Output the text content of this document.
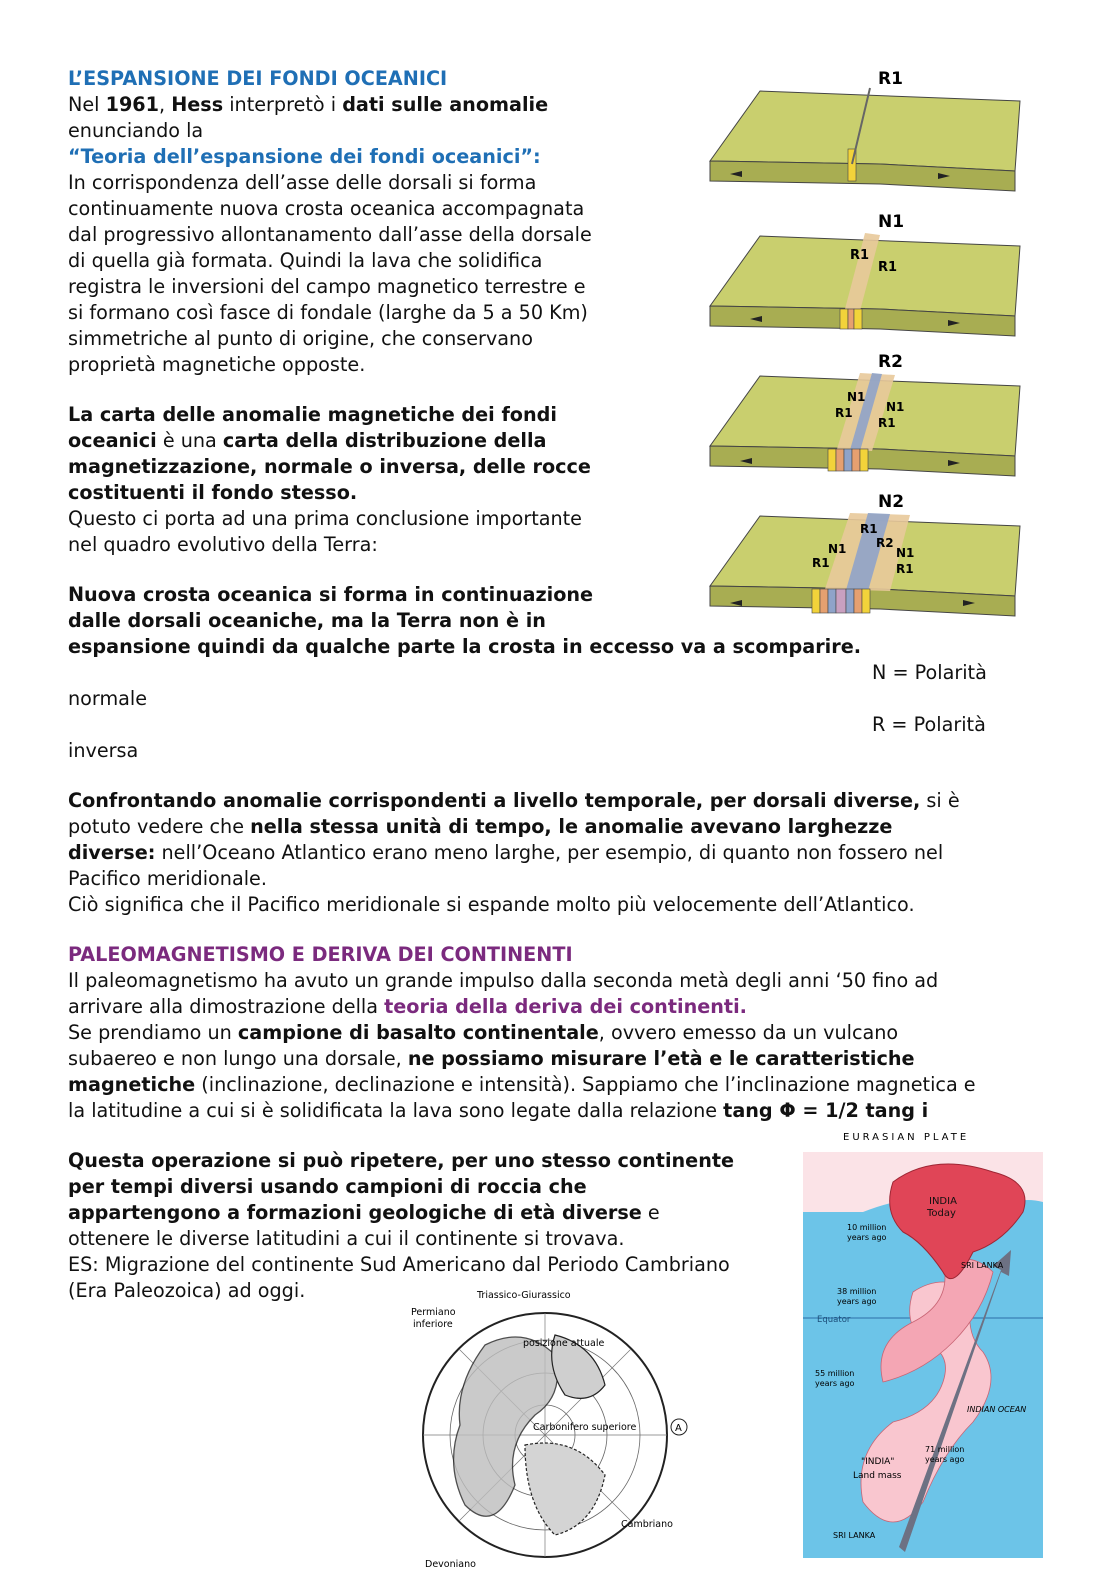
L’ESPANSIONE DEI FONDI OCEANICI
Nel 1961, Hess interpretò i dati sulle anomalie
enunciando la
“Teoria dell’espansione dei fondi oceanici”:
In corrispondenza dell’asse delle dorsali si forma
continuamente nuova crosta oceanica accompagnata
dal progressivo allontanamento dall’asse della dorsale
di quella già formata. Quindi la lava che solidifica
registra le inversioni del campo magnetico terrestre e
si formano così fasce di fondale (larghe da 5 a 50 Km)
simmetriche al punto di origine, che conservano
proprietà magnetiche opposte.
La carta delle anomalie magnetiche dei fondi
oceanici è una carta della distribuzione della
magnetizzazione, normale o inversa, delle rocce
costituenti il fondo stesso.
Questo ci porta ad una prima conclusione importante
nel quadro evolutivo della Terra:
Nuova crosta oceanica si forma in continuazione
dalle dorsali oceaniche, ma la Terra non è in
espansione quindi da qualche parte la crosta in eccesso va a scomparire.
N = Polarità
normale
R = Polarità
inversa
Confrontando anomalie corrispondenti a livello temporale, per dorsali diverse, si è
potuto vedere che nella stessa unità di tempo, le anomalie avevano larghezze
diverse: nell’Oceano Atlantico erano meno larghe, per esempio, di quanto non fossero nel
Pacifico meridionale.
Ciò significa che il Pacifico meridionale si espande molto più velocemente dell’Atlantico.
PALEOMAGNETISMO E DERIVA DEI CONTINENTI
Il paleomagnetismo ha avuto un grande impulso dalla seconda metà degli anni ‘50 fino ad
arrivare alla dimostrazione della teoria della deriva dei continenti.
Se prendiamo un campione di basalto continentale, ovvero emesso da un vulcano
subaereo e non lungo una dorsale, ne possiamo misurare l’età e le caratteristiche
magnetiche (inclinazione, declinazione e intensità). Sappiamo che l’inclinazione magnetica e
la latitudine a cui si è solidificata la lava sono legate dalla relazione tang Φ = 1/2 tang i
Questa operazione si può ripetere, per uno stesso continente
per tempi diversi usando campioni di roccia che
appartengono a formazioni geologiche di età diverse e
ottenere le diverse latitudini a cui il continente si trovava.
ES: Migrazione del continente Sud Americano dal Periodo Cambriano
(Era Paleozoica) ad oggi.
R1
N1
R1
R1
R2
N1
R1	N1
R1
N2
R1
R2
N1
R1
N1
R1
Triassico-Giurassico
Permiano
inferiore
posizione attuale
Carbonifero superiore
Devoniano
Cambriano
A
EURASIAN PLATE
INDIA
Today
10 million
years ago
SRI LANKA
38 million
years ago
Equator
55 million
years ago
INDIAN OCEAN
71 million
years ago
"INDIA"
Land mass
SRI LANKA
